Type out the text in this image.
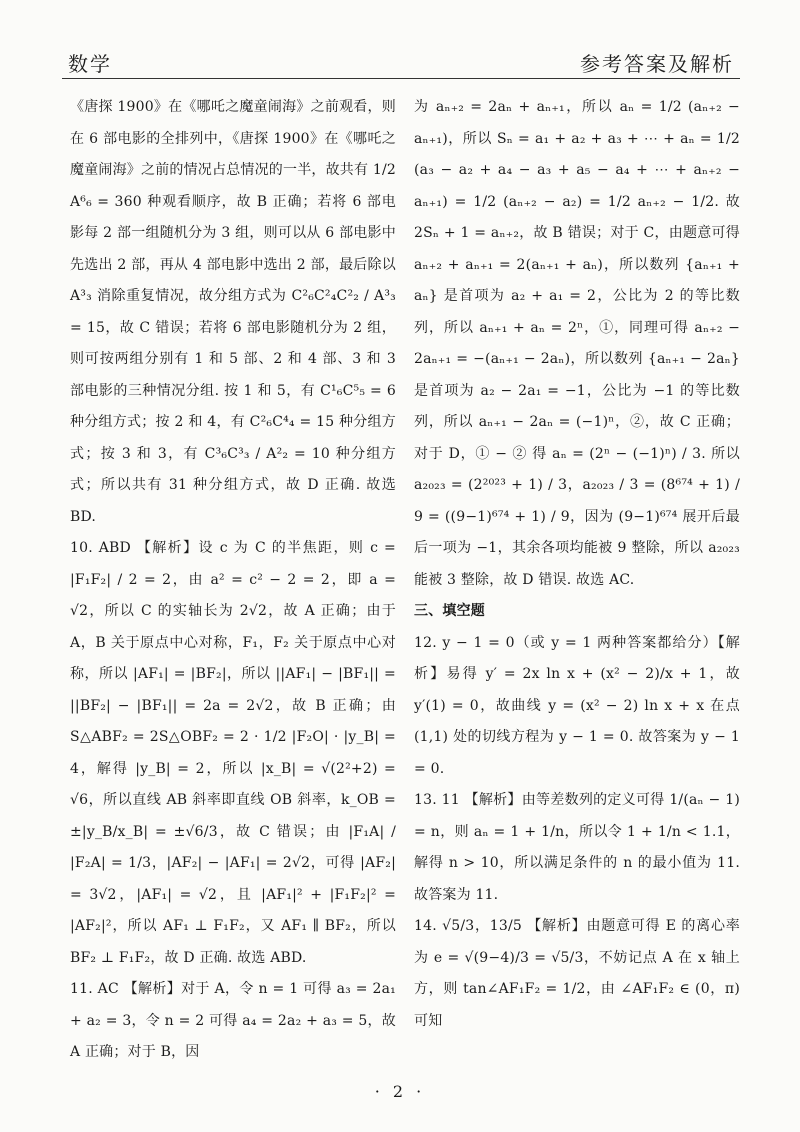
数学	参考答案及解析

《唐探 1900》在《哪吒之魔童闹海》之前观看，则在 6 部电影的全排列中，《唐探 1900》在《哪吒之魔童闹海》之前的情况占总情况的一半，故共有 1/2 A⁶₆ = 360 种观看顺序，故 B 正确；若将 6 部电影每 2 部一组随机分为 3 组，则可以从 6 部电影中先选出 2 部，再从 4 部电影中选出 2 部，最后除以 A³₃ 消除重复情况，故分组方式为 C²₆C²₄C²₂ / A³₃ = 15，故 C 错误；若将 6 部电影随机分为 2 组，则可按两组分别有 1 和 5 部、2 和 4 部、3 和 3 部电影的三种情况分组. 按 1 和 5，有 C¹₆C⁵₅ = 6 种分组方式；按 2 和 4，有 C²₆C⁴₄ = 15 种分组方式；按 3 和 3，有 C³₆C³₃ / A²₂ = 10 种分组方式；所以共有 31 种分组方式，故 D 正确. 故选 BD.

10. ABD 【解析】设 c 为 C 的半焦距，则 c = |F₁F₂| / 2 = 2，由 a² = c² − 2 = 2，即 a = √2，所以 C 的实轴长为 2√2，故 A 正确；由于 A，B 关于原点中心对称，F₁，F₂ 关于原点中心对称，所以 |AF₁| = |BF₂|，所以 ||AF₁| − |BF₁|| = ||BF₂| − |BF₁|| = 2a = 2√2，故 B 正确；由 S△ABF₂ = 2S△OBF₂ = 2 · 1/2 |F₂O| · |y_B| = 4，解得 |y_B| = 2，所以 |x_B| = √(2²+2) = √6，所以直线 AB 斜率即直线 OB 斜率，k_OB = ±|y_B/x_B| = ±√6/3，故 C 错误；由 |F₁A| / |F₂A| = 1/3，|AF₂| − |AF₁| = 2√2，可得 |AF₂| = 3√2，|AF₁| = √2，且 |AF₁|² + |F₁F₂|² = |AF₂|²，所以 AF₁ ⊥ F₁F₂，又 AF₁ ∥ BF₂，所以 BF₂ ⊥ F₁F₂，故 D 正确. 故选 ABD.

11. AC 【解析】对于 A，令 n = 1 可得 a₃ = 2a₁ + a₂ = 3，令 n = 2 可得 a₄ = 2a₂ + a₃ = 5，故 A 正确；对于 B，因

为 aₙ₊₂ = 2aₙ + aₙ₊₁，所以 aₙ = 1/2 (aₙ₊₂ − aₙ₊₁)，所以 Sₙ = a₁ + a₂ + a₃ + ⋯ + aₙ = 1/2 (a₃ − a₂ + a₄ − a₃ + a₅ − a₄ + ⋯ + aₙ₊₂ − aₙ₊₁) = 1/2 (aₙ₊₂ − a₂) = 1/2 aₙ₊₂ − 1/2. 故 2Sₙ + 1 = aₙ₊₂，故 B 错误；对于 C，由题意可得 aₙ₊₂ + aₙ₊₁ = 2(aₙ₊₁ + aₙ)，所以数列 {aₙ₊₁ + aₙ} 是首项为 a₂ + a₁ = 2，公比为 2 的等比数列，所以 aₙ₊₁ + aₙ = 2ⁿ，①，同理可得 aₙ₊₂ − 2aₙ₊₁ = −(aₙ₊₁ − 2aₙ)，所以数列 {aₙ₊₁ − 2aₙ} 是首项为 a₂ − 2a₁ = −1，公比为 −1 的等比数列，所以 aₙ₊₁ − 2aₙ = (−1)ⁿ，②，故 C 正确；对于 D，① − ② 得 aₙ = (2ⁿ − (−1)ⁿ) / 3. 所以 a₂₀₂₃ = (2²⁰²³ + 1) / 3，a₂₀₂₃ / 3 = (8⁶⁷⁴ + 1) / 9 = ((9−1)⁶⁷⁴ + 1) / 9，因为 (9−1)⁶⁷⁴ 展开后最后一项为 −1，其余各项均能被 9 整除，所以 a₂₀₂₃ 能被 3 整除，故 D 错误. 故选 AC.

三、填空题

12. y − 1 = 0（或 y = 1 两种答案都给分）【解析】易得 y′ = 2x ln x + (x² − 2)/x + 1，故 y′(1) = 0，故曲线 y = (x² − 2) ln x + x 在点 (1,1) 处的切线方程为 y − 1 = 0. 故答案为 y − 1 = 0.

13. 11 【解析】由等差数列的定义可得 1/(aₙ − 1) = n，则 aₙ = 1 + 1/n，所以令 1 + 1/n < 1.1，解得 n > 10，所以满足条件的 n 的最小值为 11. 故答案为 11.

14. √5/3，13/5 【解析】由题意可得 E 的离心率为 e = √(9−4)/3 = √5/3，不妨记点 A 在 x 轴上方，则 tan∠AF₁F₂ = 1/2，由 ∠AF₁F₂ ∈ (0，π) 可知

· 2 ·
